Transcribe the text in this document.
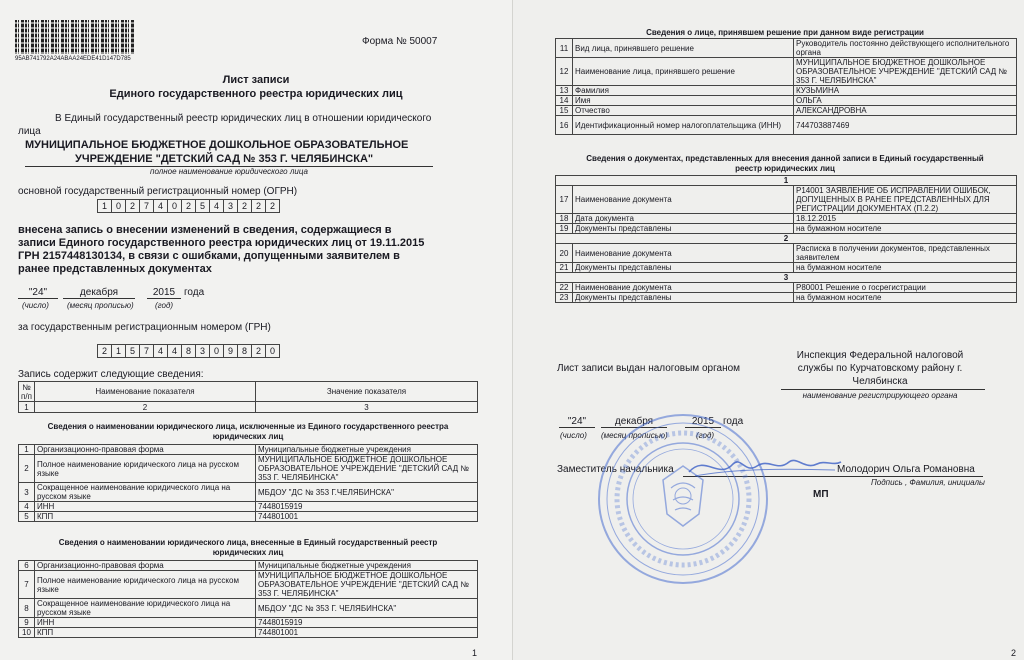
95AB741792A24ABAA24EDE41D147D785
Форма № 50007
Лист записи
Единого государственного реестра юридических лиц
В Единый государственный реестр юридических лиц в отношении юридического
лица
МУНИЦИПАЛЬНОЕ БЮДЖЕТНОЕ ДОШКОЛЬНОЕ ОБРАЗОВАТЕЛЬНОЕ
УЧРЕЖДЕНИЕ "ДЕТСКИЙ САД № 353 Г. ЧЕЛЯБИНСКА"
полное наименование юридического лица
основной государственный регистрационный номер (ОГРН)
1 0 2 7 4 0 2 5 4 3 2 2 2
внесена запись о внесении изменений в сведения, содержащиеся в
записи Единого государственного реестра юридических лиц от 19.11.2015
ГРН 2157448130134, в связи с ошибками, допущенными заявителем в
ранее представленных документах
"24"	декабря	2015 года
(число) (месяц прописью)	(год)
за государственным регистрационным номером (ГРН)
2 1 5 7 4 4 8 3 0 9 8 2 0
Запись содержит следующие сведения:
№ п/п	Наименование показателя	Значение показателя
1	2	3
Сведения о наименовании юридического лица, исключенные из Единого государственного реестра
юридических лиц
1	Организационно-правовая форма	Муниципальные бюджетные учреждения
2	Полное наименование юридического лица на русском языке	МУНИЦИПАЛЬНОЕ БЮДЖЕТНОЕ ДОШКОЛЬНОЕ ОБРАЗОВАТЕЛЬНОЕ УЧРЕЖДЕНИЕ "ДЕТСКИЙ САД № 353 Г. ЧЕЛЯБИНСКА"
3	Сокращенное наименование юридического лица на русском языке	МБДОУ "ДС № 353 Г.ЧЕЛЯБИНСКА"
4	ИНН	7448015919
5	КПП	744801001
Сведения о наименовании юридического лица, внесенные в Единый государственный реестр
юридических лиц
6	Организационно-правовая форма	Муниципальные бюджетные учреждения
7	Полное наименование юридического лица на русском языке	МУНИЦИПАЛЬНОЕ БЮДЖЕТНОЕ ДОШКОЛЬНОЕ ОБРАЗОВАТЕЛЬНОЕ УЧРЕЖДЕНИЕ "ДЕТСКИЙ САД № 353 Г. ЧЕЛЯБИНСКА"
8	Сокращенное наименование юридического лица на русском языке	МБДОУ "ДС № 353 Г. ЧЕЛЯБИНСКА"
9	ИНН	7448015919
10	КПП	744801001
1
Сведения о лице, принявшем решение при данном виде регистрации
11	Вид лица, принявшего решение	Руководитель постоянно действующего исполнительного органа
12	Наименование лица, принявшего решение	МУНИЦИПАЛЬНОЕ БЮДЖЕТНОЕ ДОШКОЛЬНОЕ ОБРАЗОВАТЕЛЬНОЕ УЧРЕЖДЕНИЕ "ДЕТСКИЙ САД № 353 Г. ЧЕЛЯБИНСКА"
13	Фамилия	КУЗЬМИНА
14	Имя	ОЛЬГА
15	Отчество	АЛЕКСАНДРОВНА
16	Идентификационный номер налогоплательщика (ИНН)	744703887469
Сведения о документах, представленных для внесения данной записи в Единый государственный
реестр юридических лиц
1		
17	Наименование документа	Р14001 ЗАЯВЛЕНИЕ ОБ ИСПРАВЛЕНИИ ОШИБОК, ДОПУЩЕННЫХ В РАНЕЕ ПРЕДСТАВЛЕННЫХ ДЛЯ РЕГИСТРАЦИИ ДОКУМЕНТАХ (П.2.2)
18	Дата документа	18.12.2015
19	Документы представлены	на бумажном носителе
2		
20	Наименование документа	Расписка в получении документов, представленных заявителем
21	Документы представлены	на бумажном носителе
3		
22	Наименование документа	Р80001 Решение о госрегистрации
23	Документы представлены	на бумажном носителе
Лист записи выдан налоговым органом
Инспекция Федеральной налоговой
службы по Курчатовскому району г.
Челябинска
наименование регистрирующего органа
"24"	декабря	2015 года
(число) (месяц прописью)	(год)
Заместитель начальника	Молодорич Ольга Романовна
Подпись , Фамилия, инициалы
МП
2
